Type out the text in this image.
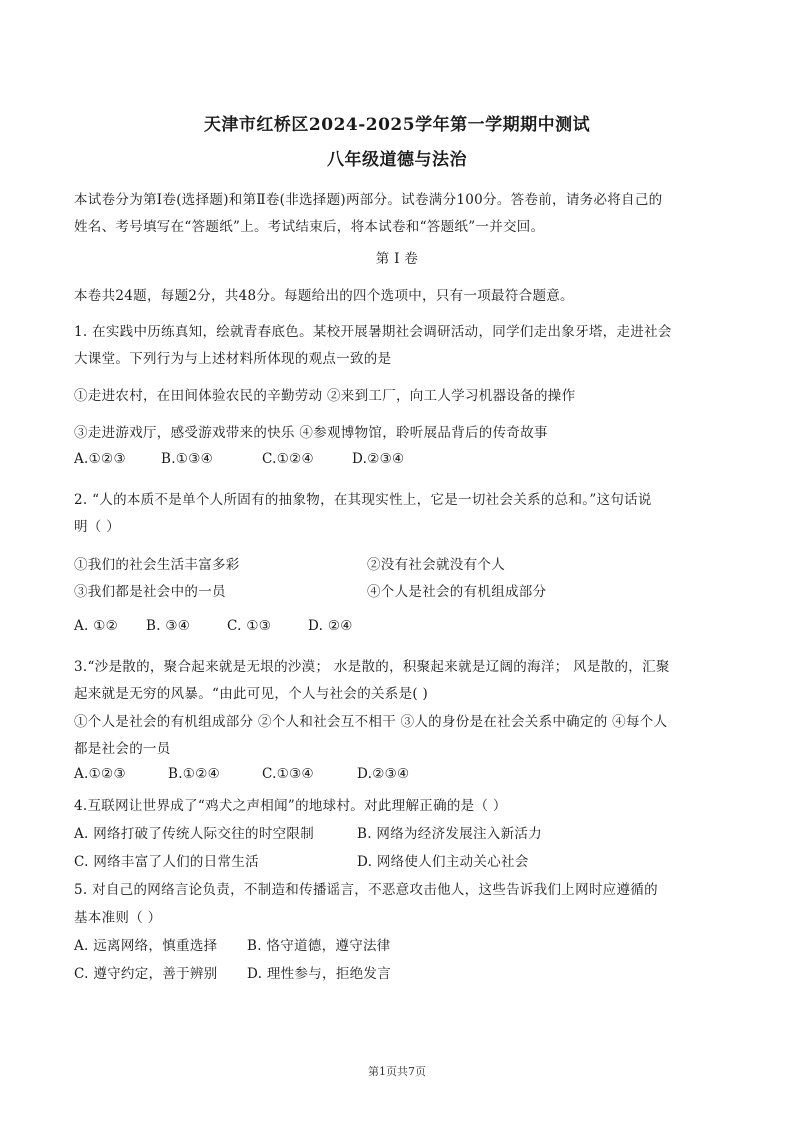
天津市红桥区2024-2025学年第一学期期中测试
八年级道德与法治
本试卷分为第Ⅰ卷(选择题)和第Ⅱ卷(非选择题)两部分。试卷满分100分。答卷前，请务必将自己的
姓名、考号填写在“答题纸”上。考试结束后，将本试卷和“答题纸”一并交回。
第 Ⅰ 卷
本卷共24题，每题2分，共48分。每题给出的四个选项中，只有一项最符合题意。
1. 在实践中历练真知，绘就青春底色。某校开展暑期社会调研活动，同学们走出象牙塔，走进社会
大课堂。下列行为与上述材料所体现的观点一致的是
①走进农村，在田间体验农民的辛勤劳动 ②来到工厂，向工人学习机器设备的操作
③走进游戏厅，感受游戏带来的快乐 ④参观博物馆，聆听展品背后的传奇故事
A.①②③	B.①③④	C.①②④	D.②③④
2. “人的本质不是单个人所固有的抽象物，在其现实性上，它是一切社会关系的总和。”这句话说
明（ ）
①我们的社会生活丰富多彩	②没有社会就没有个人
③我们都是社会中的一员	④个人是社会的有机组成部分
A. ①② B. ③④	C. ①③	D. ②④
3.“沙是散的，聚合起来就是无垠的沙漠； 水是散的，积聚起来就是辽阔的海洋； 风是散的，汇聚
起来就是无穷的风暴。“由此可见，个人与社会的关系是( )
①个人是社会的有机组成部分 ②个人和社会互不相干 ③人的身份是在社会关系中确定的 ④每个人
都是社会的一员
A.①②③	B.①②④	C.①③④	D.②③④
4.互联网让世界成了“鸡犬之声相闻”的地球村。对此理解正确的是（ ）
A. 网络打破了传统人际交往的时空限制	B. 网络为经济发展注入新活力
C. 网络丰富了人们的日常生活	D. 网络使人们主动关心社会
5. 对自己的网络言论负责，不制造和传播谣言，不恶意攻击他人，这些告诉我们上网时应遵循的
基本准则（ ）
A. 远离网络，慎重选择 B. 恪守道德，遵守法律
C. 遵守约定，善于辨别 D. 理性参与，拒绝发言
第1页共7页
